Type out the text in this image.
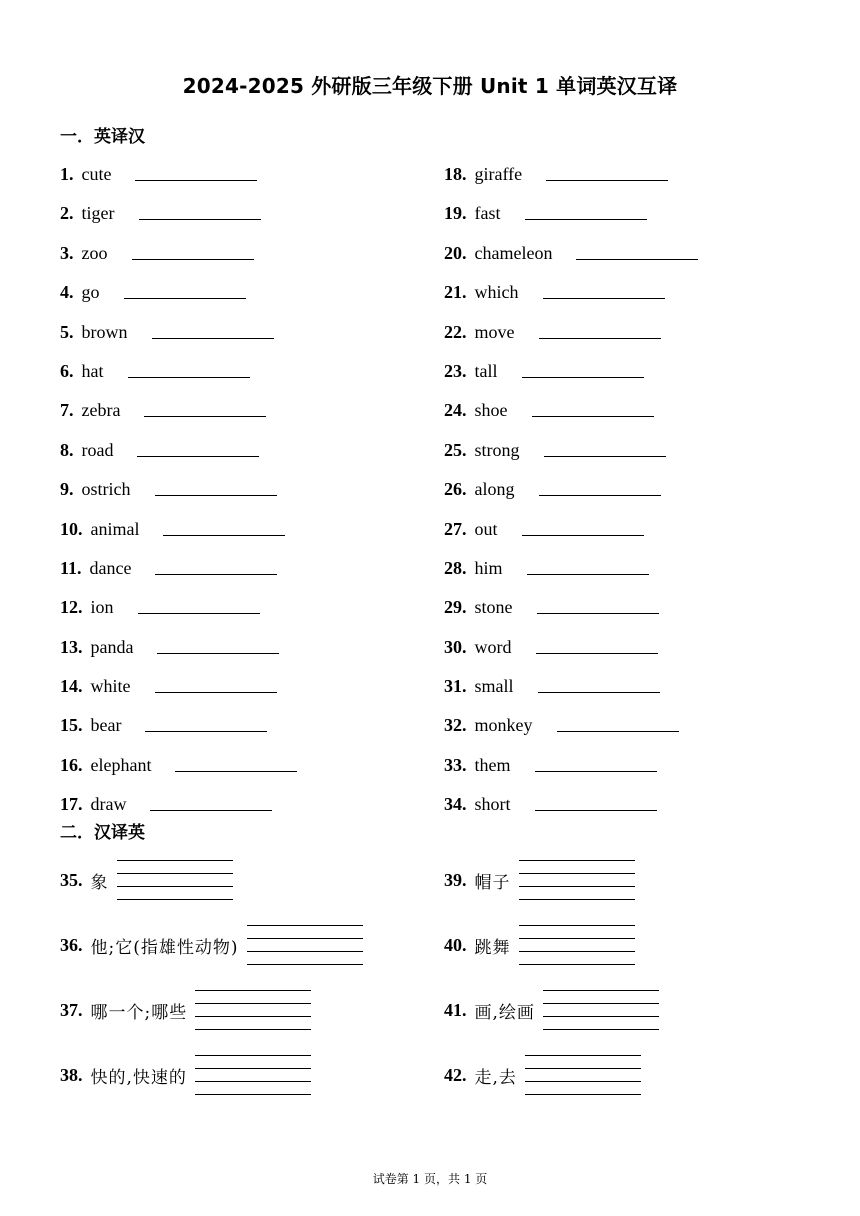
2024-2025 外研版三年级下册 Unit 1 单词英汉互译
一．英译汉
1 . cute
2 . tiger
3 . zoo
4 . go
5 . brown
6 . hat
7 . zebra
8 . road
9 . ostrich
10 . animal
11 . dance
12 . ion
13 . panda
14 . white
15 . bear
16 . elephant
17 . draw
18 . giraffe
19 . fast
20 . chameleon
21 . which
22 . move
23 . tall
24 . shoe
25 . strong
26 . along
27 . out
28 . him
29 . stone
30 . word
31 . small
32 . monkey
33 . them
34 . short
二．汉译英
35 . 象
36 . 他;它(指雄性动物)
37 . 哪一个;哪些
38 . 快的,快速的
39 . 帽子
40 . 跳舞
41 . 画,绘画
42 . 走,去
试卷第 1 页，共 1 页
